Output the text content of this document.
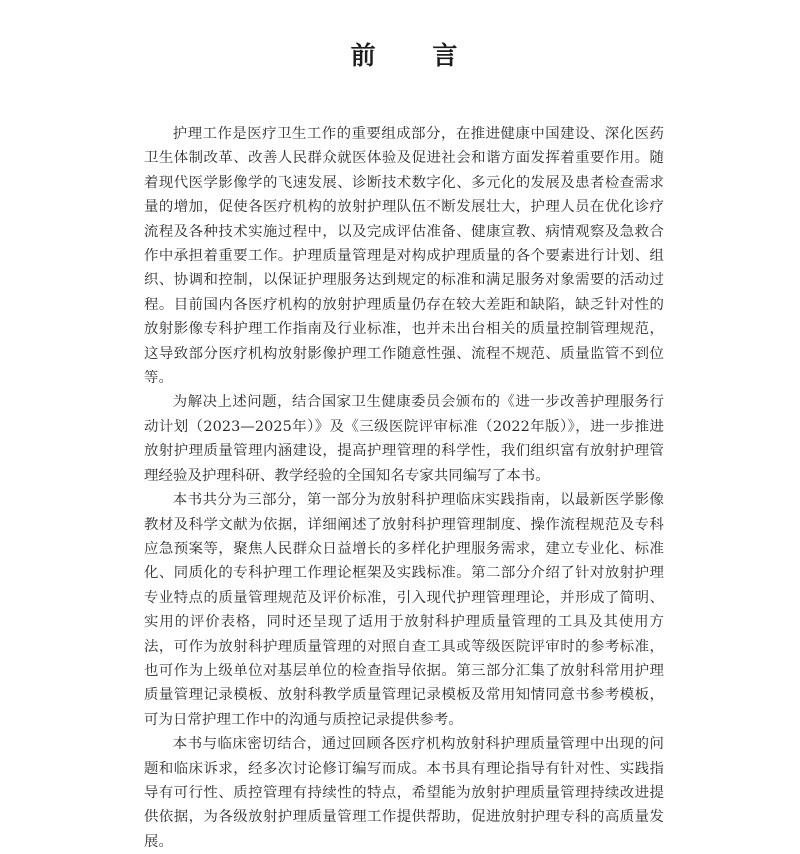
前 言

护理工作是医疗卫生工作的重要组成部分，在推进健康中国建设、深化医药卫生体制改革、改善人民群众就医体验及促进社会和谐方面发挥着重要作用。随着现代医学影像学的飞速发展、诊断技术数字化、多元化的发展及患者检查需求量的增加，促使各医疗机构的放射护理队伍不断发展壮大，护理人员在优化诊疗流程及各种技术实施过程中，以及完成评估准备、健康宣教、病情观察及急救合作中承担着重要工作。护理质量管理是对构成护理质量的各个要素进行计划、组织、协调和控制，以保证护理服务达到规定的标准和满足服务对象需要的活动过程。目前国内各医疗机构的放射护理质量仍存在较大差距和缺陷，缺乏针对性的放射影像专科护理工作指南及行业标准，也并未出台相关的质量控制管理规范，这导致部分医疗机构放射影像护理工作随意性强、流程不规范、质量监管不到位等。

为解决上述问题，结合国家卫生健康委员会颁布的《进一步改善护理服务行动计划（2023—2025年）》及《三级医院评审标准（2022年版）》，进一步推进放射护理质量管理内涵建设，提高护理管理的科学性，我们组织富有放射护理管理经验及护理科研、教学经验的全国知名专家共同编写了本书。

本书共分为三部分，第一部分为放射科护理临床实践指南，以最新医学影像教材及科学文献为依据，详细阐述了放射科护理管理制度、操作流程规范及专科应急预案等，聚焦人民群众日益增长的多样化护理服务需求，建立专业化、标准化、同质化的专科护理工作理论框架及实践标准。第二部分介绍了针对放射护理专业特点的质量管理规范及评价标准，引入现代护理管理理论，并形成了简明、实用的评价表格，同时还呈现了适用于放射科护理质量管理的工具及其使用方法，可作为放射科护理质量管理的对照自查工具或等级医院评审时的参考标准，也可作为上级单位对基层单位的检查指导依据。第三部分汇集了放射科常用护理质量管理记录模板、放射科教学质量管理记录模板及常用知情同意书参考模板，可为日常护理工作中的沟通与质控记录提供参考。

本书与临床密切结合，通过回顾各医疗机构放射科护理质量管理中出现的问题和临床诉求，经多次讨论修订编写而成。本书具有理论指导有针对性、实践指导有可行性、质控管理有持续性的特点，希望能为放射护理质量管理持续改进提供依据，为各级放射护理质量管理工作提供帮助，促进放射护理专科的高质量发展。
